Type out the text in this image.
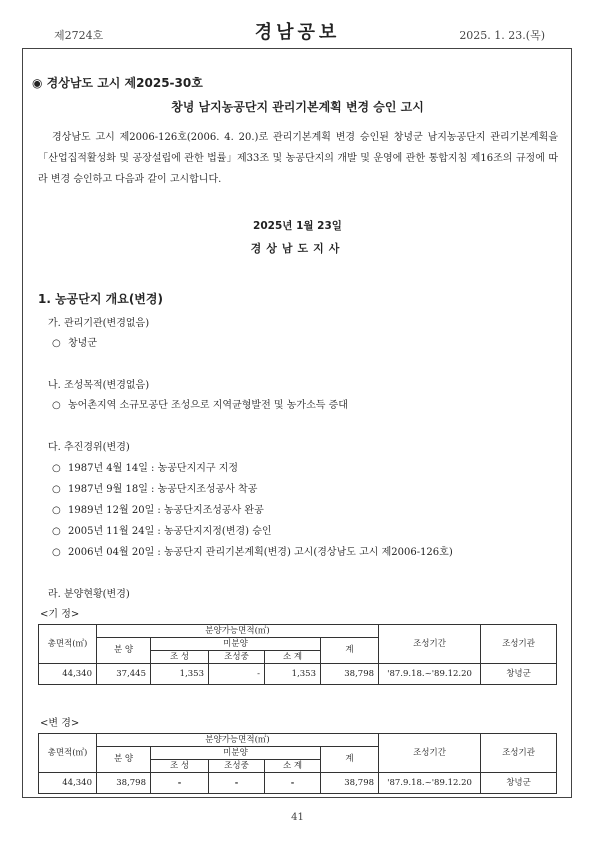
제2724호	경남공보	2025. 1. 23.(목)
◉ 경상남도 고시 제2025-30호
창녕 남지농공단지 관리기본계획 변경 승인 고시
경상남도 고시 제2006-126호(2006. 4. 20.)로 관리기본계획 변경 승인된 창녕군 남지농공단지 관리기본계획을「산업집적활성화 및 공장설립에 관한 법률」제33조 및 농공단지의 개발 및 운영에 관한 통합지침 제16조의 규정에 따라 변경 승인하고 다음과 같이 고시합니다.
2025년 1월 23일
경상남도지사
1. 농공단지 개요(변경)
가. 관리기관(변경없음)
○ 창녕군
나. 조성목적(변경없음)
○ 농어촌지역 소규모공단 조성으로 지역균형발전 및 농가소득 증대
다. 추진경위(변경)
○ 1987년 4월 14일 : 농공단지지구 지정
○ 1987년 9월 18일 : 농공단지조성공사 착공
○ 1989년 12월 20일 : 농공단지조성공사 완공
○ 2005년 11월 24일 : 농공단지지정(변경) 승인
○ 2006년 04월 20일 : 농공단지 관리기본계획(변경) 고시(경상남도 고시 제2006-126호)
라. 분양현황(변경)
<기 정>
총면적(㎡)	분양가능면적(㎡)					조성기간	조성기관
	분 양	미분양			계		
		조 성	조성중	소 계			
44,340	37,445	1,353	-	1,353	38,798	'87.9.18.~'89.12.20	창녕군
<변 경>
총면적(㎡)	분양가능면적(㎡)					조성기간	조성기관
	분 양	미분양			계		
		조 성	조성중	소 계			
44,340	38,798	-	-	-	38,798	'87.9.18.~'89.12.20	창녕군
41
